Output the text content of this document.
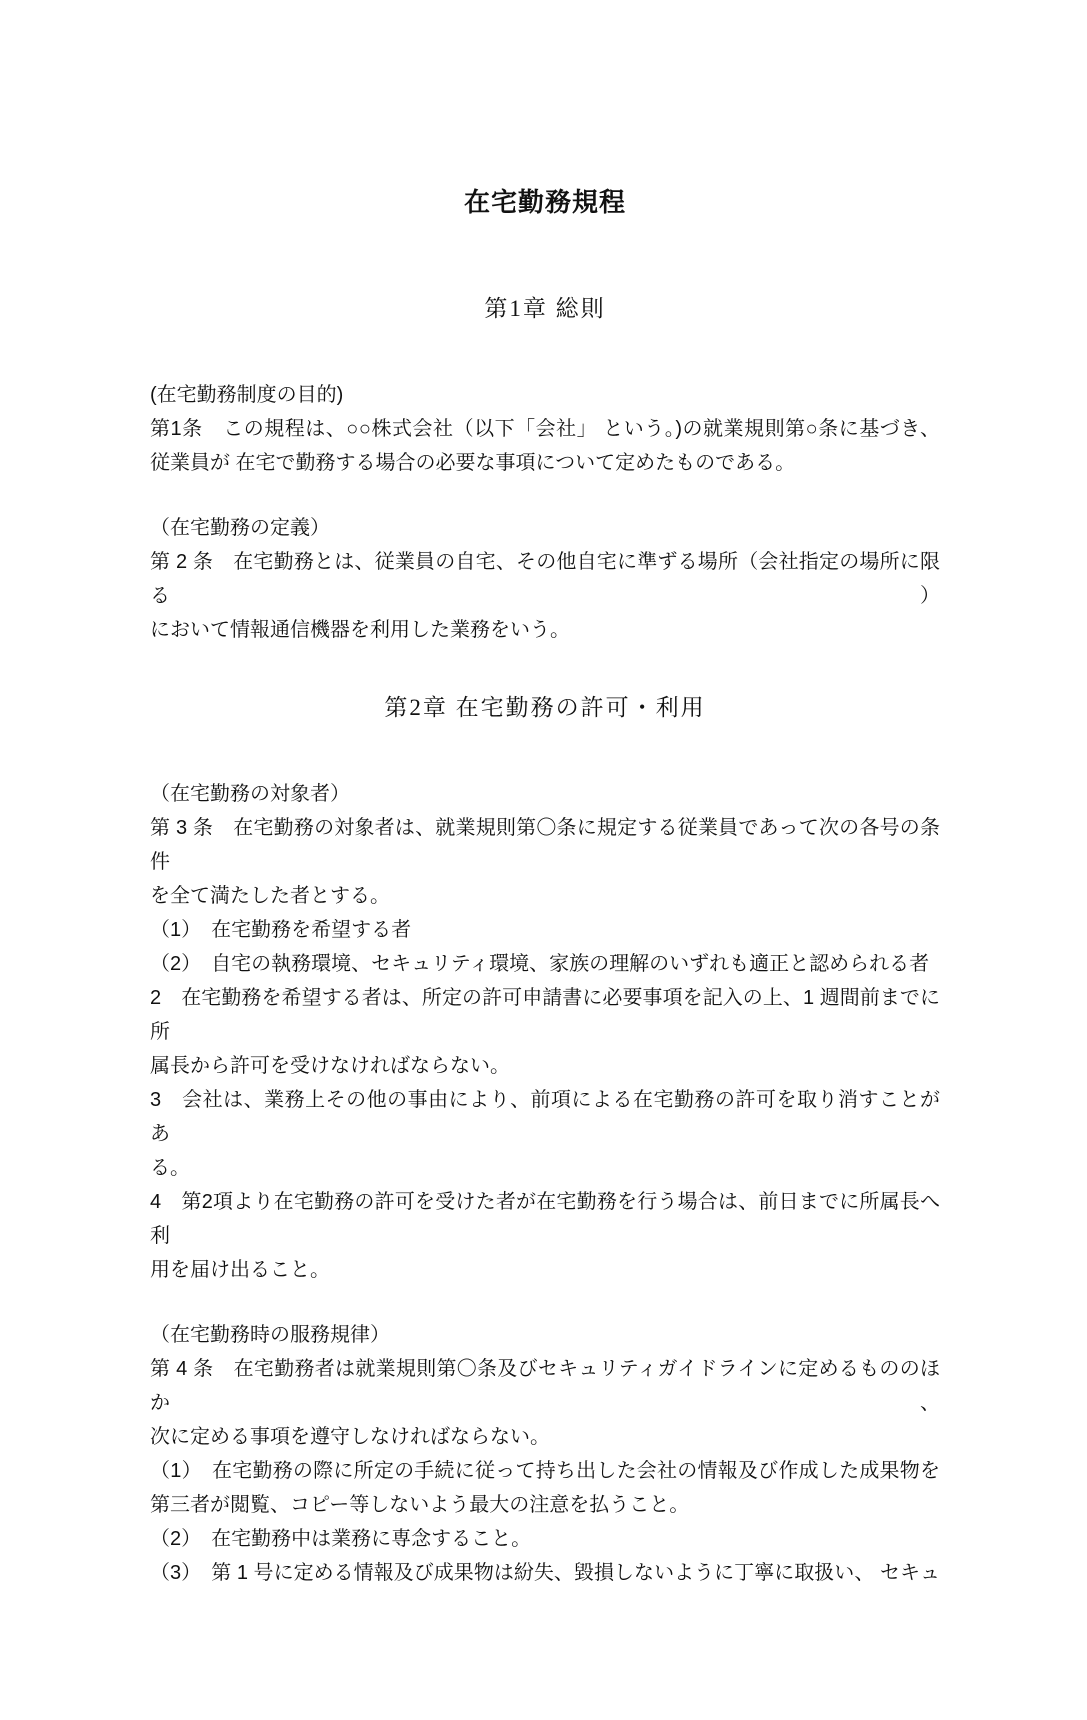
在宅勤務規程
第1章 総則
(在宅勤務制度の目的)
第1条　この規程は、○○株式会社（以下「会社」 という。)の就業規則第○条に基づき、
従業員が 在宅で勤務する場合の必要な事項について定めたものである。
（在宅勤務の定義）
第 2 条　在宅勤務とは、従業員の自宅、その他自宅に準ずる場所（会社指定の場所に限る）
において情報通信機器を利用した業務をいう。
第2章 在宅勤務の許可・利用
（在宅勤務の対象者）
第 3 条　在宅勤務の対象者は、就業規則第〇条に規定する従業員であって次の各号の条件
を全て満たした者とする。
（1）　在宅勤務を希望する者
（2）　自宅の執務環境、セキュリティ環境、家族の理解のいずれも適正と認められる者
2　在宅勤務を希望する者は、所定の許可申請書に必要事項を記入の上、1 週間前までに所
属長から許可を受けなければならない。
3　会社は、業務上その他の事由により、前項による在宅勤務の許可を取り消すことがあ
る。
4　第2項より在宅勤務の許可を受けた者が在宅勤務を行う場合は、前日までに所属長へ利
用を届け出ること。
（在宅勤務時の服務規律）
第 4 条　在宅勤務者は就業規則第〇条及びセキュリティガイドラインに定めるもののほか、
次に定める事項を遵守しなければならない。
（1）　在宅勤務の際に所定の手続に従って持ち出した会社の情報及び作成した成果物を
第三者が閲覧、コピー等しないよう最大の注意を払うこと。
（2）　在宅勤務中は業務に専念すること。
（3）　第 1 号に定める情報及び成果物は紛失、毀損しないように丁寧に取扱い、 セキュ
